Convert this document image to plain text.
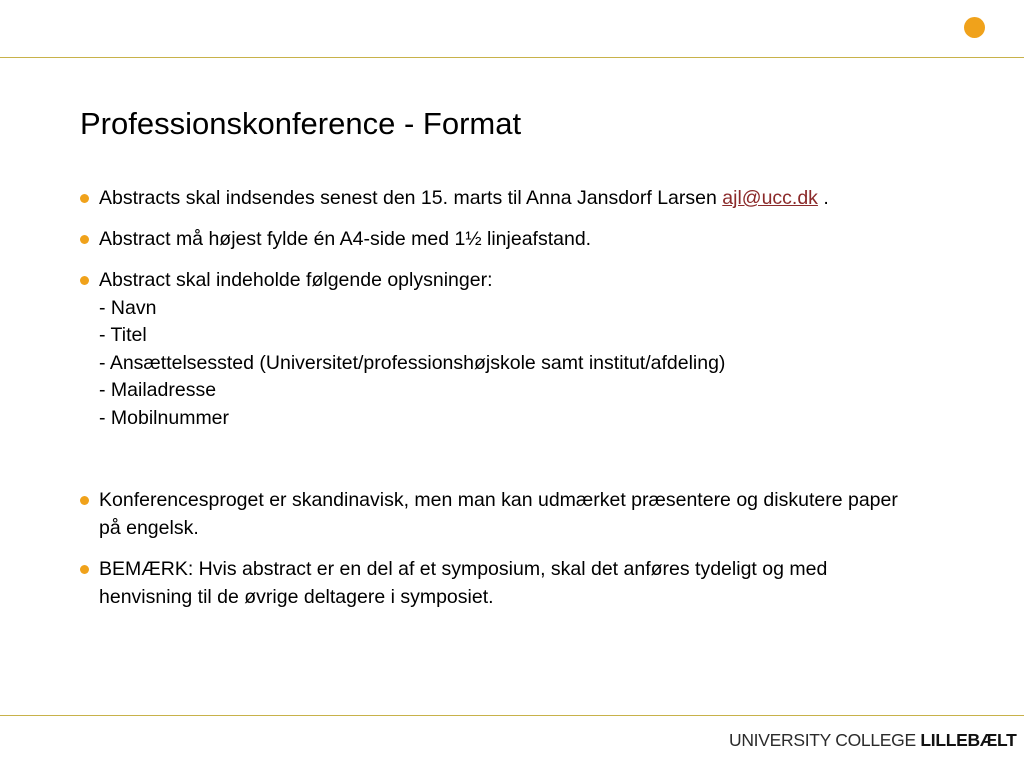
Professionskonference - Format
Abstracts skal indsendes senest den 15. marts til Anna Jansdorf Larsen ajl@ucc.dk .
Abstract må højest fylde én A4-side med 1½ linjeafstand.
Abstract skal indeholde følgende oplysninger:
- Navn
- Titel
- Ansættelsessted (Universitet/professionshøjskole samt institut/afdeling)
- Mailadresse
- Mobilnummer
Konferencesproget er skandinavisk, men man kan udmærket præsentere og diskutere paper
på engelsk.
BEMÆRK: Hvis abstract er en del af et symposium, skal det anføres tydeligt og med
henvisning til de øvrige deltagere i symposiet.
UNIVERSITY COLLEGE LILLEBÆLT
